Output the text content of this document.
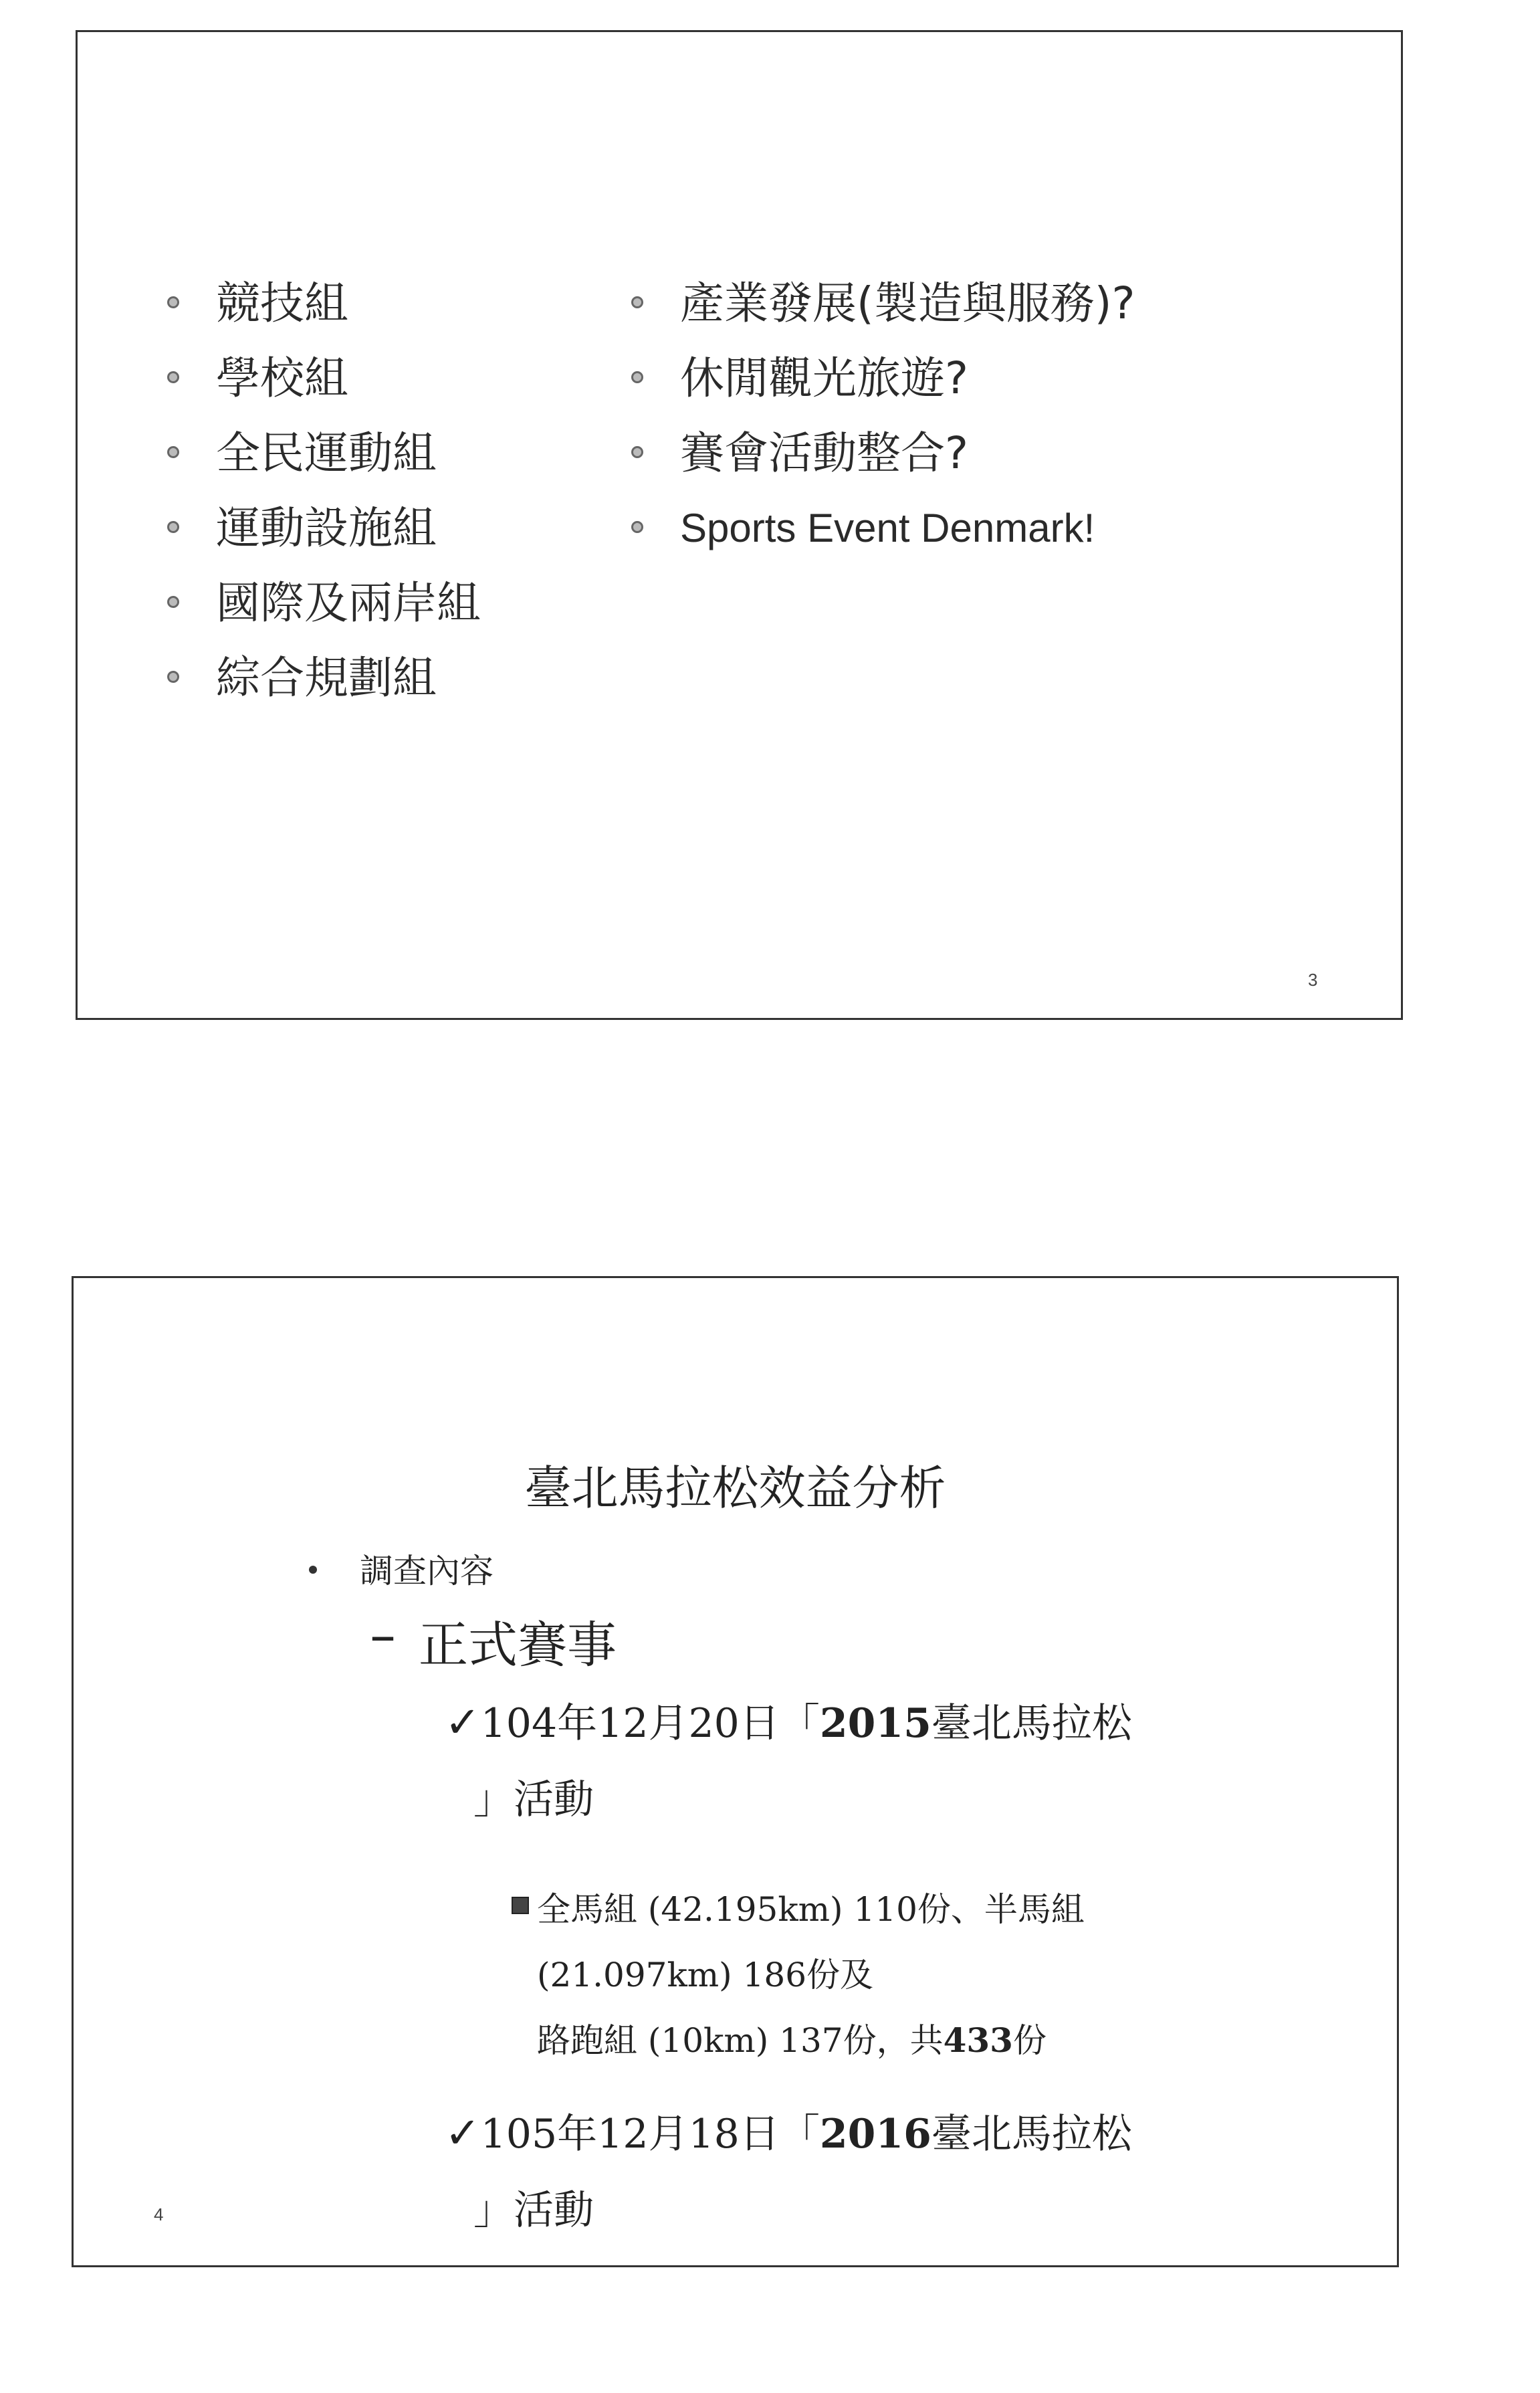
競技組
學校組
全民運動組
運動設施組
國際及兩岸組
綜合規劃組
產業發展(製造與服務)?
休閒觀光旅遊?
賽會活動整合?
Sports Event Denmark!
3
臺北馬拉松效益分析
調查內容
– 正式賽事
✓104年12月20日「2015臺北馬拉松
」活動
全馬組 (42.195km) 110份、半馬組
(21.097km) 186份及
路跑組 (10km) 137份，共433份
✓105年12月18日「2016臺北馬拉松
」活動
4
